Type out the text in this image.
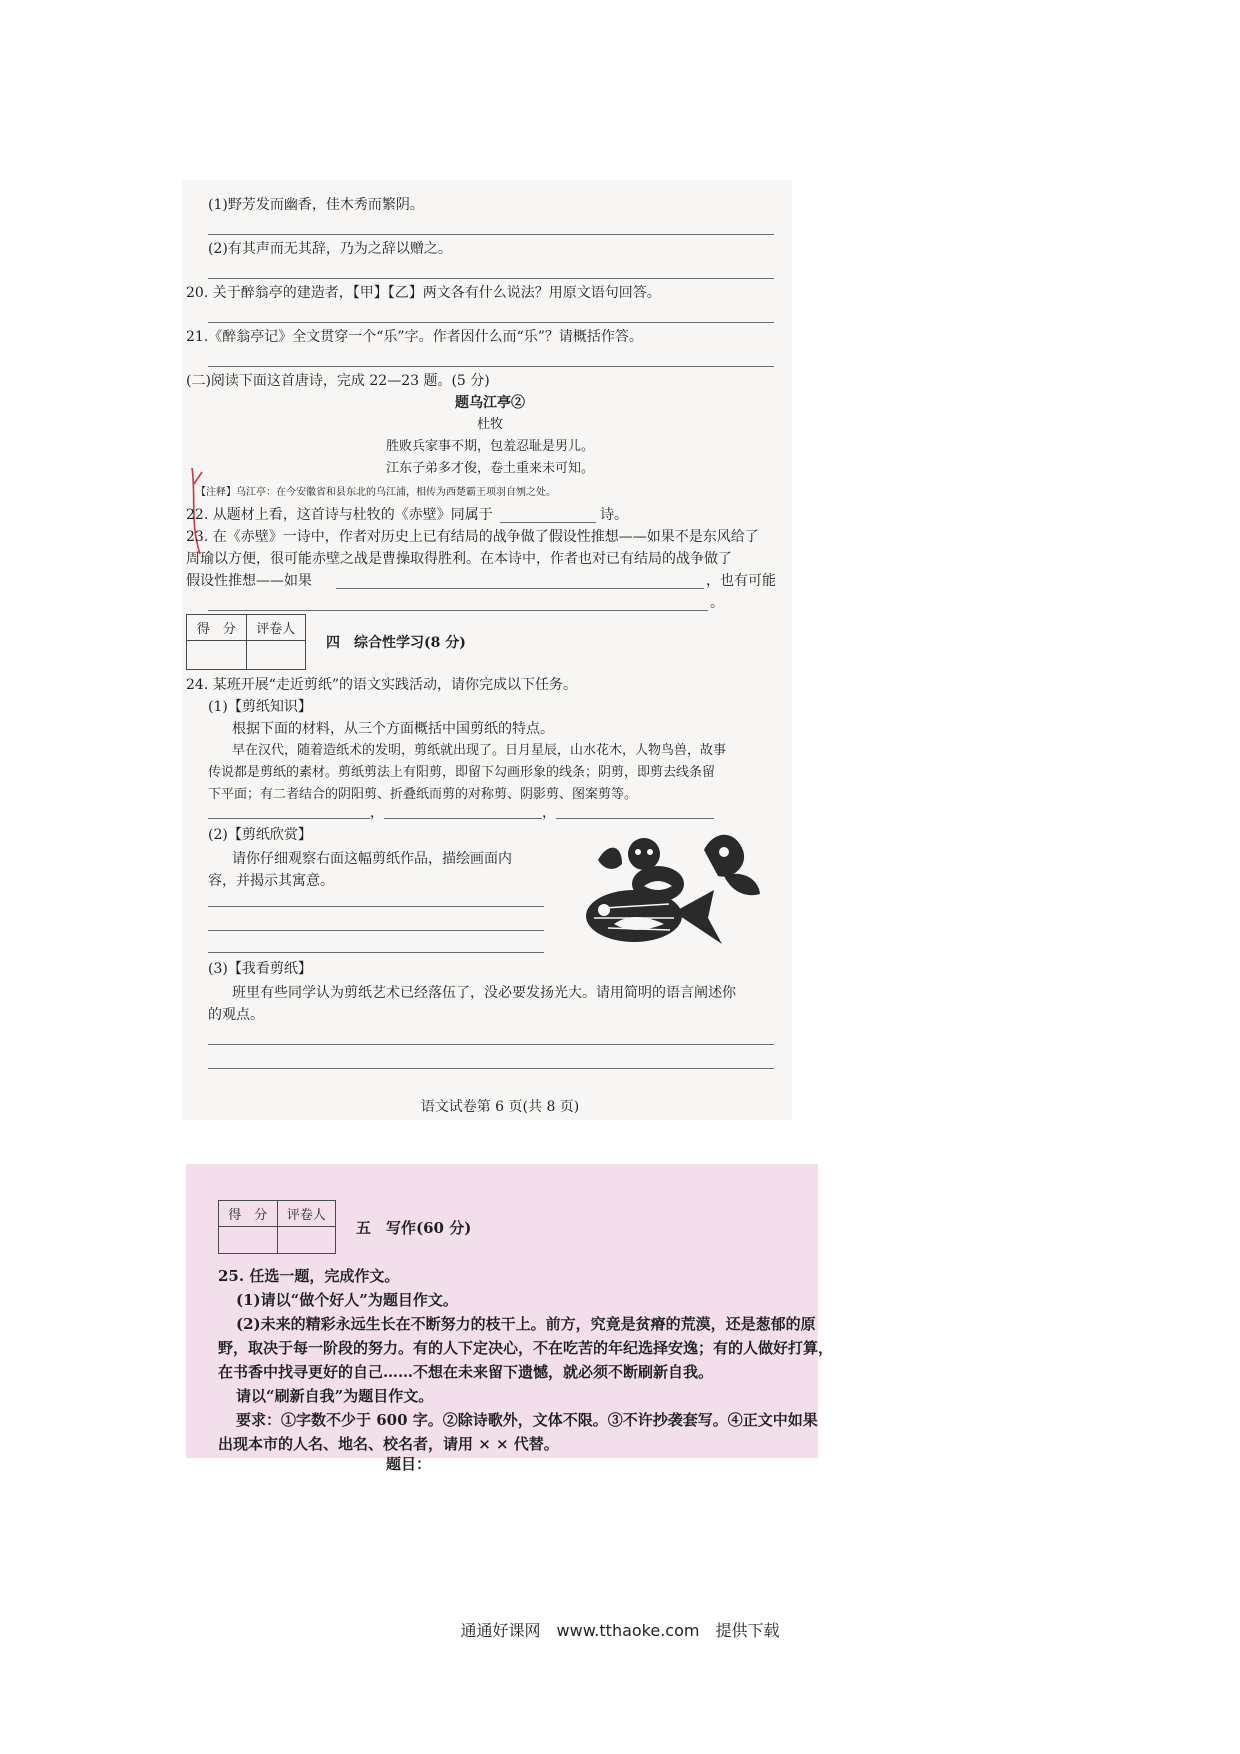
(1)野芳发而幽香，佳木秀而繁阴。
(2)有其声而无其辞，乃为之辞以赠之。
20. 关于醉翁亭的建造者，【甲】【乙】两文各有什么说法？用原文语句回答。
21.《醉翁亭记》全文贯穿一个“乐”字。作者因什么而“乐”？请概括作答。
(二)阅读下面这首唐诗，完成 22—23 题。(5 分)
题乌江亭②
杜牧
胜败兵家事不期，包羞忍耻是男儿。
江东子弟多才俊，卷土重来未可知。
【注释】乌江亭：在今安徽省和县东北的乌江浦，相传为西楚霸王项羽自刎之处。
22. 从题材上看，这首诗与杜牧的《赤壁》同属于	诗。
23. 在《赤壁》一诗中，作者对历史上已有结局的战争做了假设性推想——如果不是东风给了
周瑜以方便，很可能赤壁之战是曹操取得胜利。在本诗中，作者也对已有结局的战争做了
假设性推想——如果	，也有可能
。
得　分	评卷人

四　综合性学习(8 分)
24. 某班开展“走近剪纸”的语文实践活动，请你完成以下任务。
(1)【剪纸知识】
根据下面的材料，从三个方面概括中国剪纸的特点。
早在汉代，随着造纸术的发明，剪纸就出现了。日月星辰，山水花木，人物鸟兽，故事
传说都是剪纸的素材。剪纸剪法上有阳剪，即留下勾画形象的线条；阴剪，即剪去线条留
下平面；有二者结合的阴阳剪、折叠纸而剪的对称剪、阴影剪、图案剪等。
，	，
(2)【剪纸欣赏】
请你仔细观察右面这幅剪纸作品，描绘画面内
容，并揭示其寓意。
(3)【我看剪纸】
班里有些同学认为剪纸艺术已经落伍了，没必要发扬光大。请用简明的语言阐述你
的观点。
语文试卷第 6 页(共 8 页)
得　分	评卷人

五　写作(60 分)
25. 任选一题，完成作文。
(1)请以“做个好人”为题目作文。
(2)未来的精彩永远生长在不断努力的枝干上。前方，究竟是贫瘠的荒漠，还是葱郁的原
野，取决于每一阶段的努力。有的人下定决心，不在吃苦的年纪选择安逸；有的人做好打算，
在书香中找寻更好的自己……不想在未来留下遗憾，就必须不断刷新自我。
请以“刷新自我”为题目作文。
要求：①字数不少于 600 字。②除诗歌外，文体不限。③不许抄袭套写。④正文中如果
出现本市的人名、地名、校名者，请用 × × 代替。
题目：
通通好课网　www.tthaoke.com　提供下载
